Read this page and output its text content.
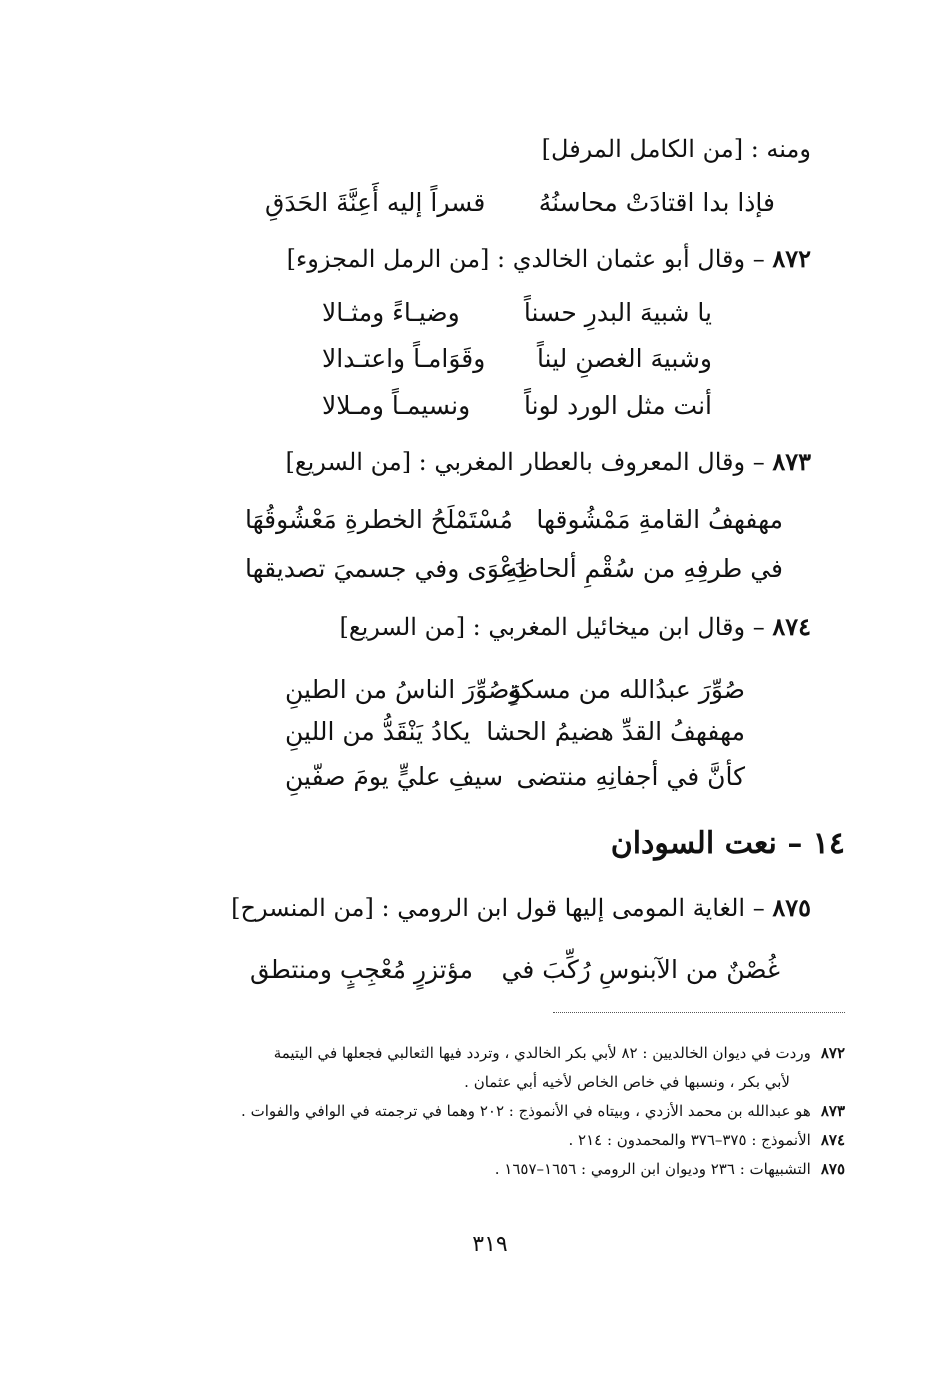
ومنه : [من الكامل المرفل]
فإذا بدا اقتادَتْ محاسنُهُ
قسراً إليه أَعِنَّةَ الحَدَقِ
٨٧٢ – وقال أبو عثمان الخالدي : [من الرمل المجزوء]
يا شبيهَ البدرِ حسناً
وضيـاءً ومثـالا
وشبيهَ الغصنِ ليناً
وقَوَامـاً واعتـدالا
أنت مثل الورد لوناً
ونسيمـاً ومـلالا
٨٧٣ – وقال المعروف بالعطار المغربي : [من السريع]
مهفهفُ القامةِ مَمْشُوقها
مُسْتَمْلَحُ الخطرةِ مَعْشُوقُهَا
في طرفِهِ من سُقْمِ ألحاظِهِ
دَعْوَى وفي جسميَ تصديقها
٨٧٤ – وقال ابن ميخائيل المغربي : [من السريع]
صُوِّرَ عبدُالله من مسكةٍ
وَصُوِّرَ الناسُ من الطينِ
مهفهفُ القدِّ هضيمُ الحشا
يكادُ يَنْقَدُّ من اللينِ
كأنَّ في أجفانِهِ منتضى
سيفِ عليٍّ يومَ صفّينِ
١٤ – نعت السودان
٨٧٥ – الغاية المومى إليها قول ابن الرومي : [من المنسرح]
غُصْنٌ من الآبنوسِ رُكِّبَ في
مؤتزرٍ مُعْجِبٍ ومنتطق
٨٧٢وردت في ديوان الخالديين : ٨٢ لأبي بكر الخالدي ، وتردد فيها الثعالبي فجعلها في اليتيمة
لأبي بكر ، ونسبها في خاص الخاص لأخيه أبي عثمان .
٨٧٣هو عبدالله بن محمد الأزدي ، وبيتاه في الأنموذج : ٢٠٢ وهما في ترجمته في الوافي والفوات .
٨٧٤الأنموذج : ٣٧٥–٣٧٦ والمحمدون : ٢١٤ .
٨٧٥التشبيهات : ٢٣٦ وديوان ابن الرومي : ١٦٥٦–١٦٥٧ .
٣١٩
